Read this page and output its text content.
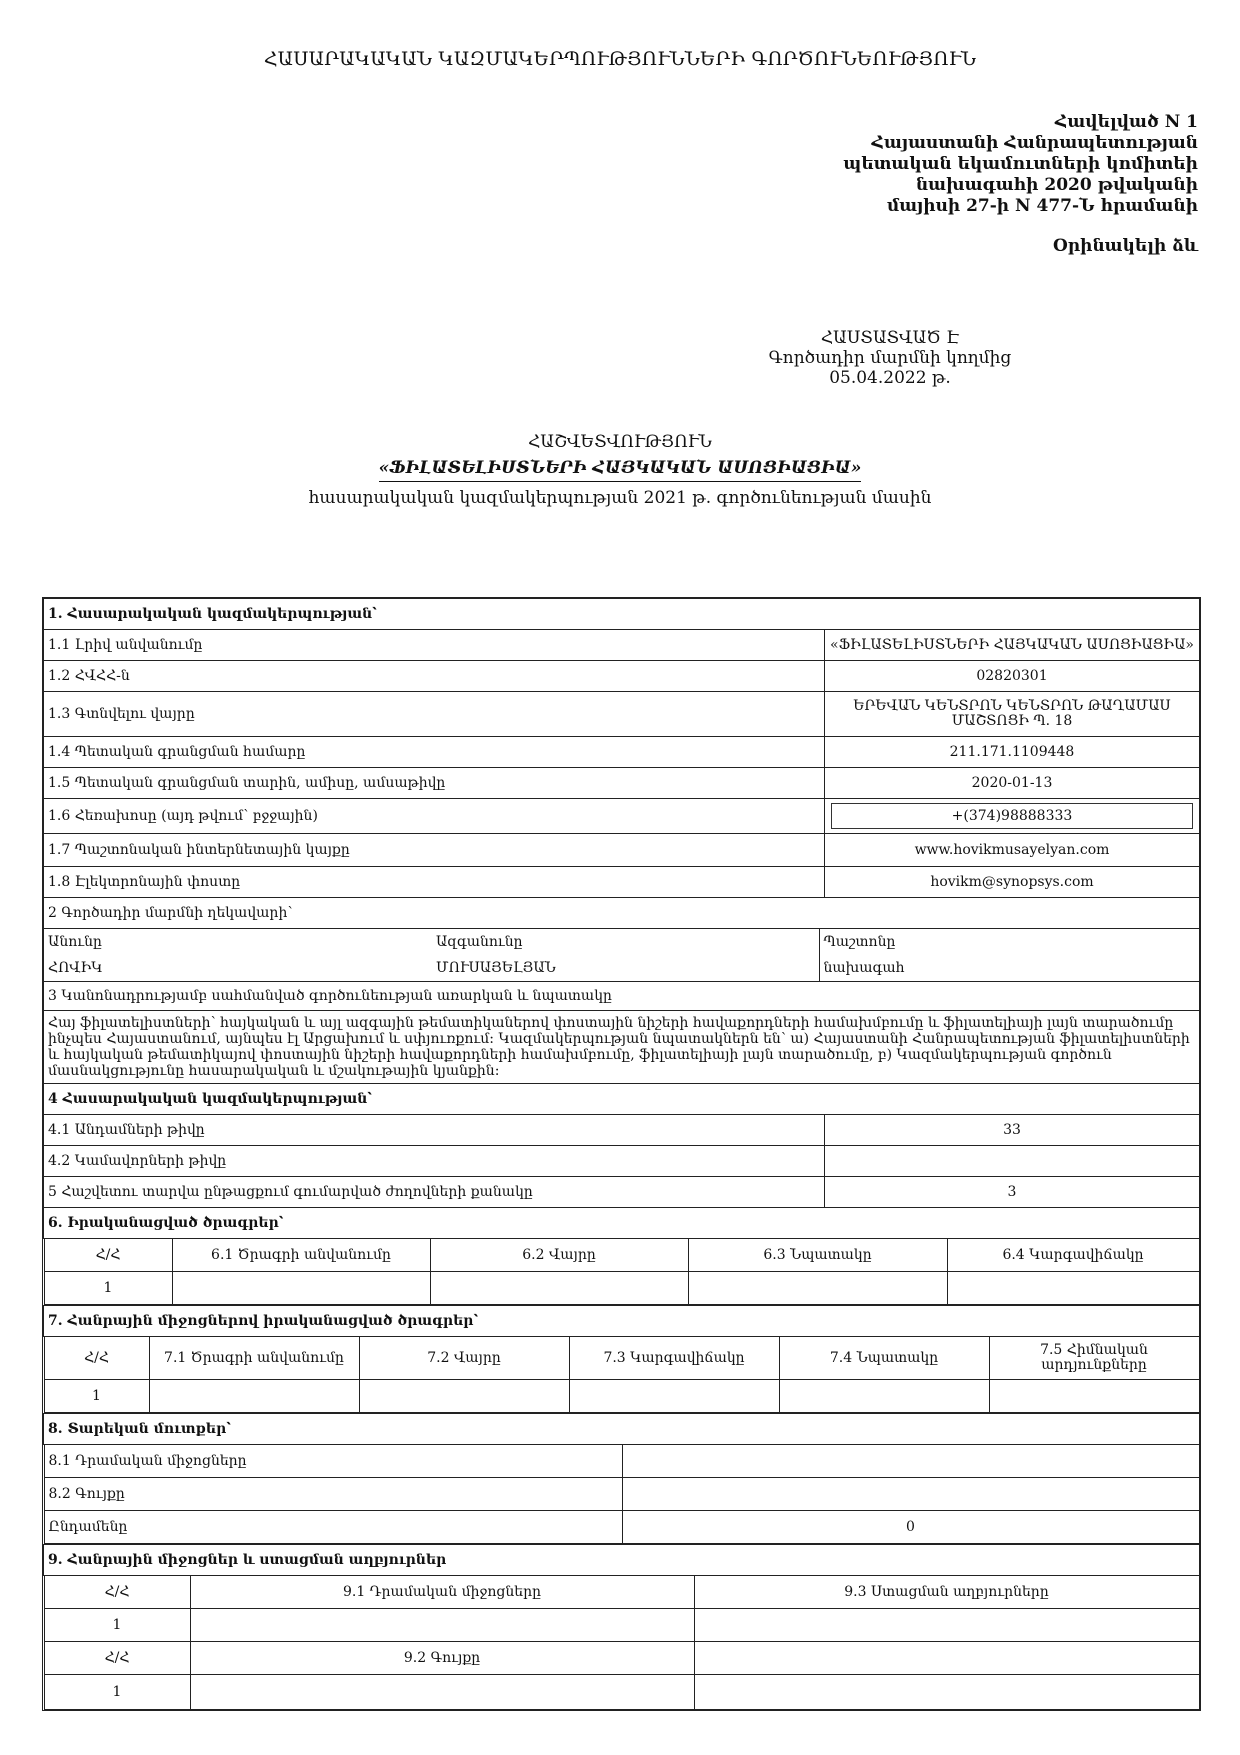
ՀԱՍԱՐԱԿԱԿԱՆ ԿԱԶՄԱԿԵՐՊՈՒԹՅՈՒՆՆԵՐԻ ԳՈՐԾՈՒՆԵՈՒԹՅՈՒՆ
Հավելված N 1
Հայաստանի Հանրապետության
պետական եկամուտների կոմիտեի
նախագահի 2020 թվականի
մայիսի 27-ի N 477-Ն հրամանի
Օրինակելի ձև
ՀԱՍՏԱՏՎԱԾ Է
Գործադիր մարմնի կողմից
05.04.2022 թ.
ՀԱՇՎԵՏՎՈՒԹՅՈՒՆ
«ՖԻԼԱՏԵԼԻՍՏՆԵՐԻ ՀԱՅԿԱԿԱՆ ԱՍՈՑԻԱՑԻԱ»
հասարակական կազմակերպության 2021 թ. գործունեության մասին
1. Հասարակական կազմակերպության՝
1.1 Լրիվ անվանումը	«ՖԻԼԱՏԵԼԻՍՏՆԵՐԻ ՀԱՅԿԱԿԱՆ ԱՍՈՑԻԱՑԻԱ»
1.2 ՀՎՀՀ-ն	02820301
1.3 Գտնվելու վայրը	ԵՐԵՎԱՆ ԿԵՆՏՐՈՆ ԿԵՆՏՐՈՆ ԹԱՂԱՄԱՍ ՄԱՇՏՈՑԻ Պ. 18
1.4 Պետական գրանցման համարը	211.171.1109448
1.5 Պետական գրանցման տարին, ամիսը, ամսաթիվը	2020-01-13
1.6 Հեռախոսը (այդ թվում՝ բջջային)	+(374)98888333

1.7 Պաշտոնական ինտերնետային կայքը	www.hovikmusayelyan.com
1.8 Էլեկտրոնային փոստը	hovikm@synopsys.com
2 Գործադիր մարմնի ղեկավարի՝

Անունը	Ազգանունը	Պաշտոնը
ՀՈՎԻԿ	ՄՈՒՍԱՅԵԼՅԱՆ	նախագահ

3 Կանոնադրությամբ սահմանված գործունեության առարկան և նպատակը
Հայ ֆիլատելիստների՝ հայկական և այլ ազգային թեմատիկաներով փոստային նիշերի հավաքորդների համախմբումը և ֆիլատելիայի լայն տարածումը ինչպես Հայաստանում, այնպես էլ Արցախում և սփյուռքում։ Կազմակերպության նպատակներն են՝ ա) Հայաստանի Հանրապետության ֆիլատելիստների և հայկական թեմատիկայով փոստային նիշերի հավաքորդների համախմբումը, ֆիլատելիայի լայն տարածումը, բ) Կազմակերպության գործուն մասնակցությունը հասարակական և մշակութային կյանքին։
4 Հասարակական կազմակերպության՝
4.1 Անդամների թիվը	33
4.2 Կամավորների թիվը	
5 Հաշվետու տարվա ընթացքում գումարված ժողովների քանակը	3
6. Իրականացված ծրագրեր՝

Հ/Հ	6.1 Ծրագրի անվանումը	6.2 Վայրը	6.3 Նպատակը	6.4 Կարգավիճակը
1				

7. Հանրային միջոցներով իրականացված ծրագրեր՝

Հ/Հ	7.1 Ծրագրի անվանումը	7.2 Վայրը	7.3 Կարգավիճակը	7.4 Նպատակը	7.5 Հիմնական արդյունքները
1					

8. Տարեկան մուտքեր՝

8.1 Դրամական միջոցները	
8.2 Գույքը	
Ընդամենը	0

9. Հանրային միջոցներ և ստացման աղբյուրներ

Հ/Հ	9.1 Դրամական միջոցները	9.3 Ստացման աղբյուրները
1		
Հ/Հ	9.2 Գույքը	
1		
